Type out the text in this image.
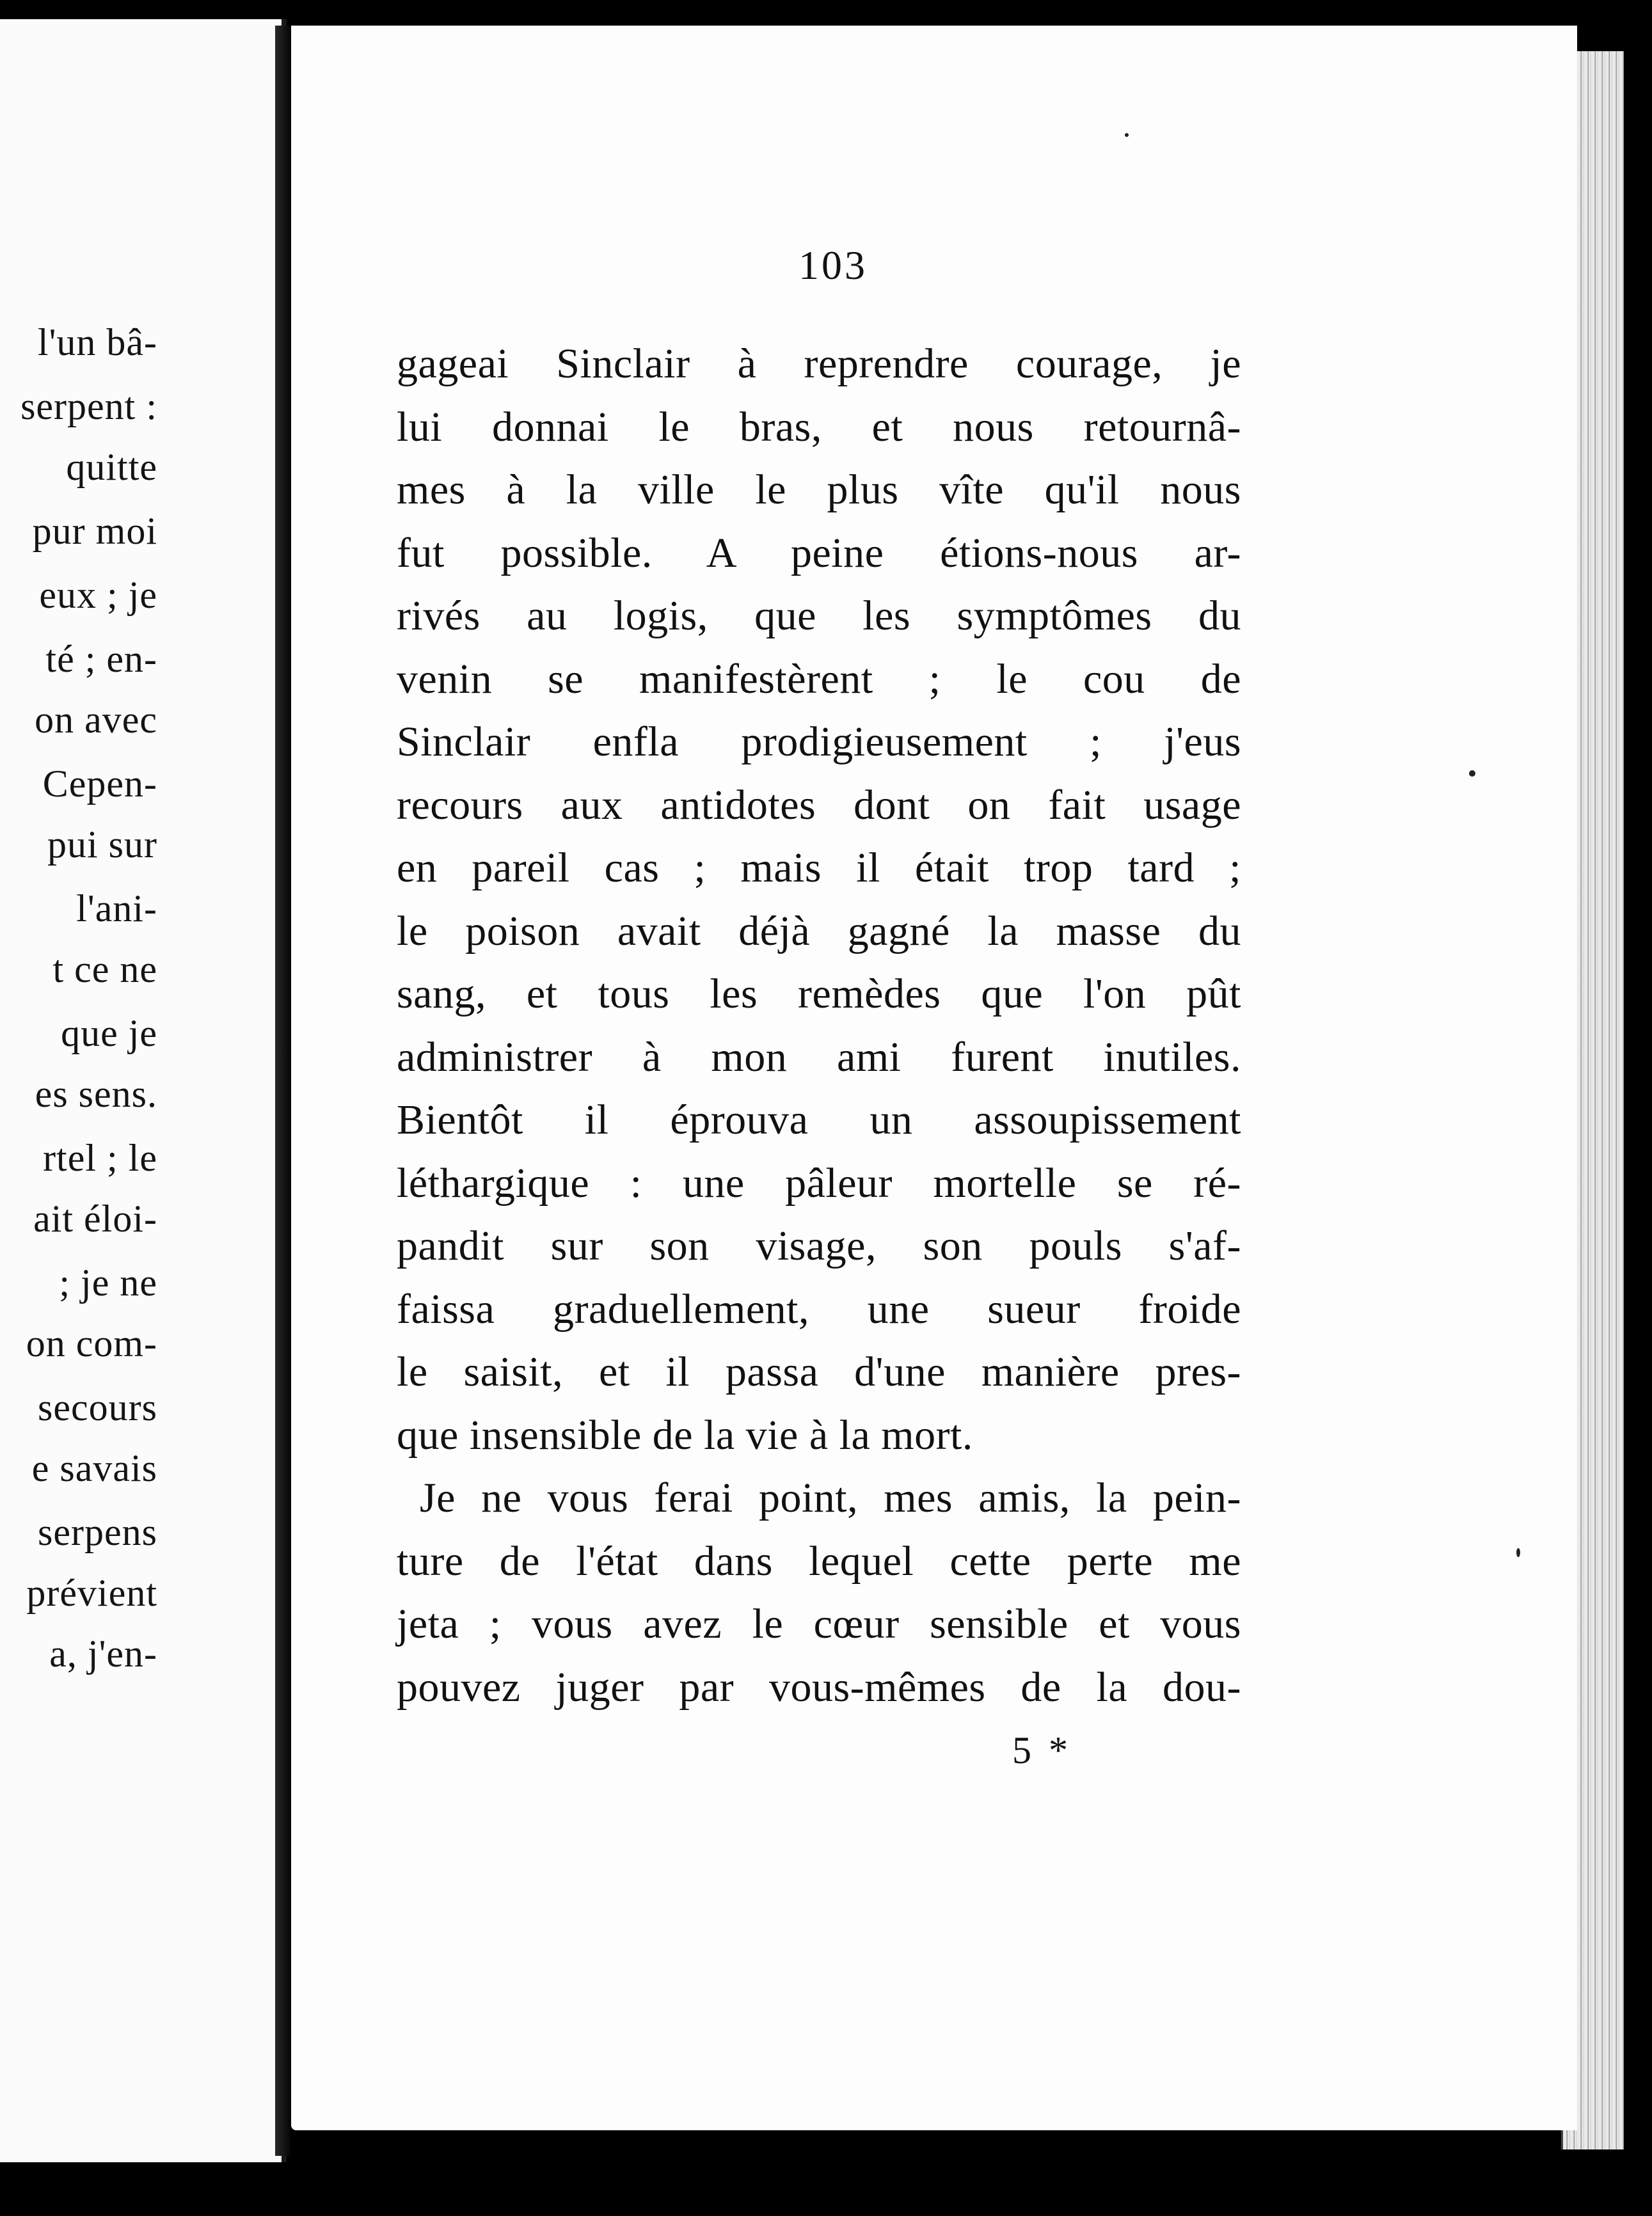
l'un bâ-
serpent :
quitte
pur moi
eux ; je
té ; en-
on avec
Cepen-
pui sur
l'ani-
t ce ne
que je
es sens.
rtel ; le
ait éloi-
; je ne
on com-
secours
e savais
serpens
prévient
a, j'en-
103
gageai Sinclair à reprendre courage, je
lui donnai le bras, et nous retournâ-
mes à la ville le plus vîte qu'il nous
fut possible. A peine étions-nous ar-
rivés au logis, que les symptômes du
venin se manifestèrent ; le cou de
Sinclair enfla prodigieusement ; j'eus
recours aux antidotes dont on fait usage
en pareil cas ; mais il était trop tard ;
le poison avait déjà gagné la masse du
sang, et tous les remèdes que l'on pût
administrer à mon ami furent inutiles.
Bientôt il éprouva un assoupissement
léthargique : une pâleur mortelle se ré-
pandit sur son visage, son pouls s'af-
faissa graduellement, une sueur froide
le saisit, et il passa d'une manière pres-
que insensible de la vie à la mort.
Je ne vous ferai point, mes amis, la pein-
ture de l'état dans lequel cette perte me
jeta ; vous avez le cœur sensible et vous
pouvez juger par vous-mêmes de la dou-
5 *
